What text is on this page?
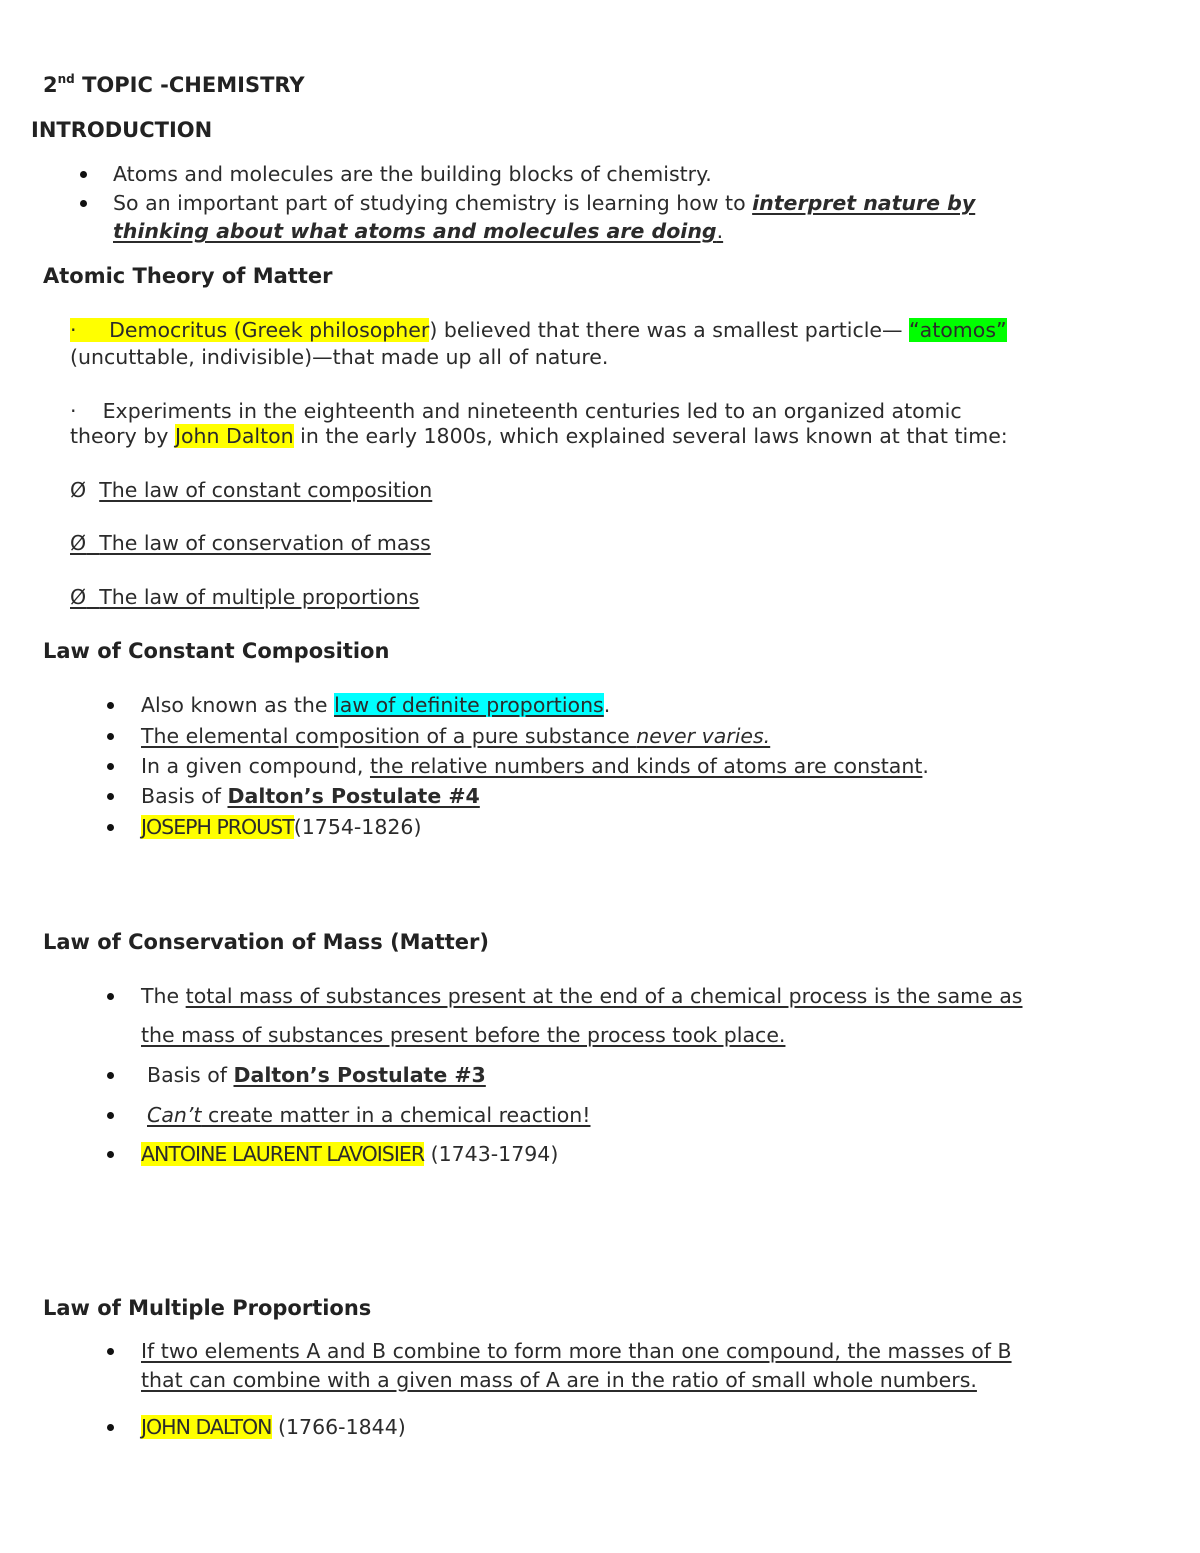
2nd TOPIC -CHEMISTRY
INTRODUCTION
Atoms and molecules are the building blocks of chemistry.
So an important part of studying chemistry is learning how to interpret nature by
thinking about what atoms and molecules are doing.
Atomic Theory of Matter
· Democritus (Greek philosopher) believed that there was a smallest particle— “atomos”
(uncuttable, indivisible)—that made up all of nature.
· Experiments in the eighteenth and nineteenth centuries led to an organized atomic
theory by John Dalton in the early 1800s, which explained several laws known at that time:
Ø The law of constant composition
Ø The law of conservation of mass
Ø The law of multiple proportions
Law of Constant Composition
Also known as the law of definite proportions.
The elemental composition of a pure substance never varies.
In a given compound, the relative numbers and kinds of atoms are constant.
Basis of Dalton’s Postulate #4
JOSEPH PROUST(1754-1826)
Law of Conservation of Mass (Matter)
The total mass of substances present at the end of a chemical process is the same as
the mass of substances present before the process took place.
Basis of Dalton’s Postulate #3
Can’t create matter in a chemical reaction!
ANTOINE LAURENT LAVOISIER (1743-1794)
Law of Multiple Proportions
If two elements A and B combine to form more than one compound, the masses of B
that can combine with a given mass of A are in the ratio of small whole numbers.
JOHN DALTON (1766-1844)
